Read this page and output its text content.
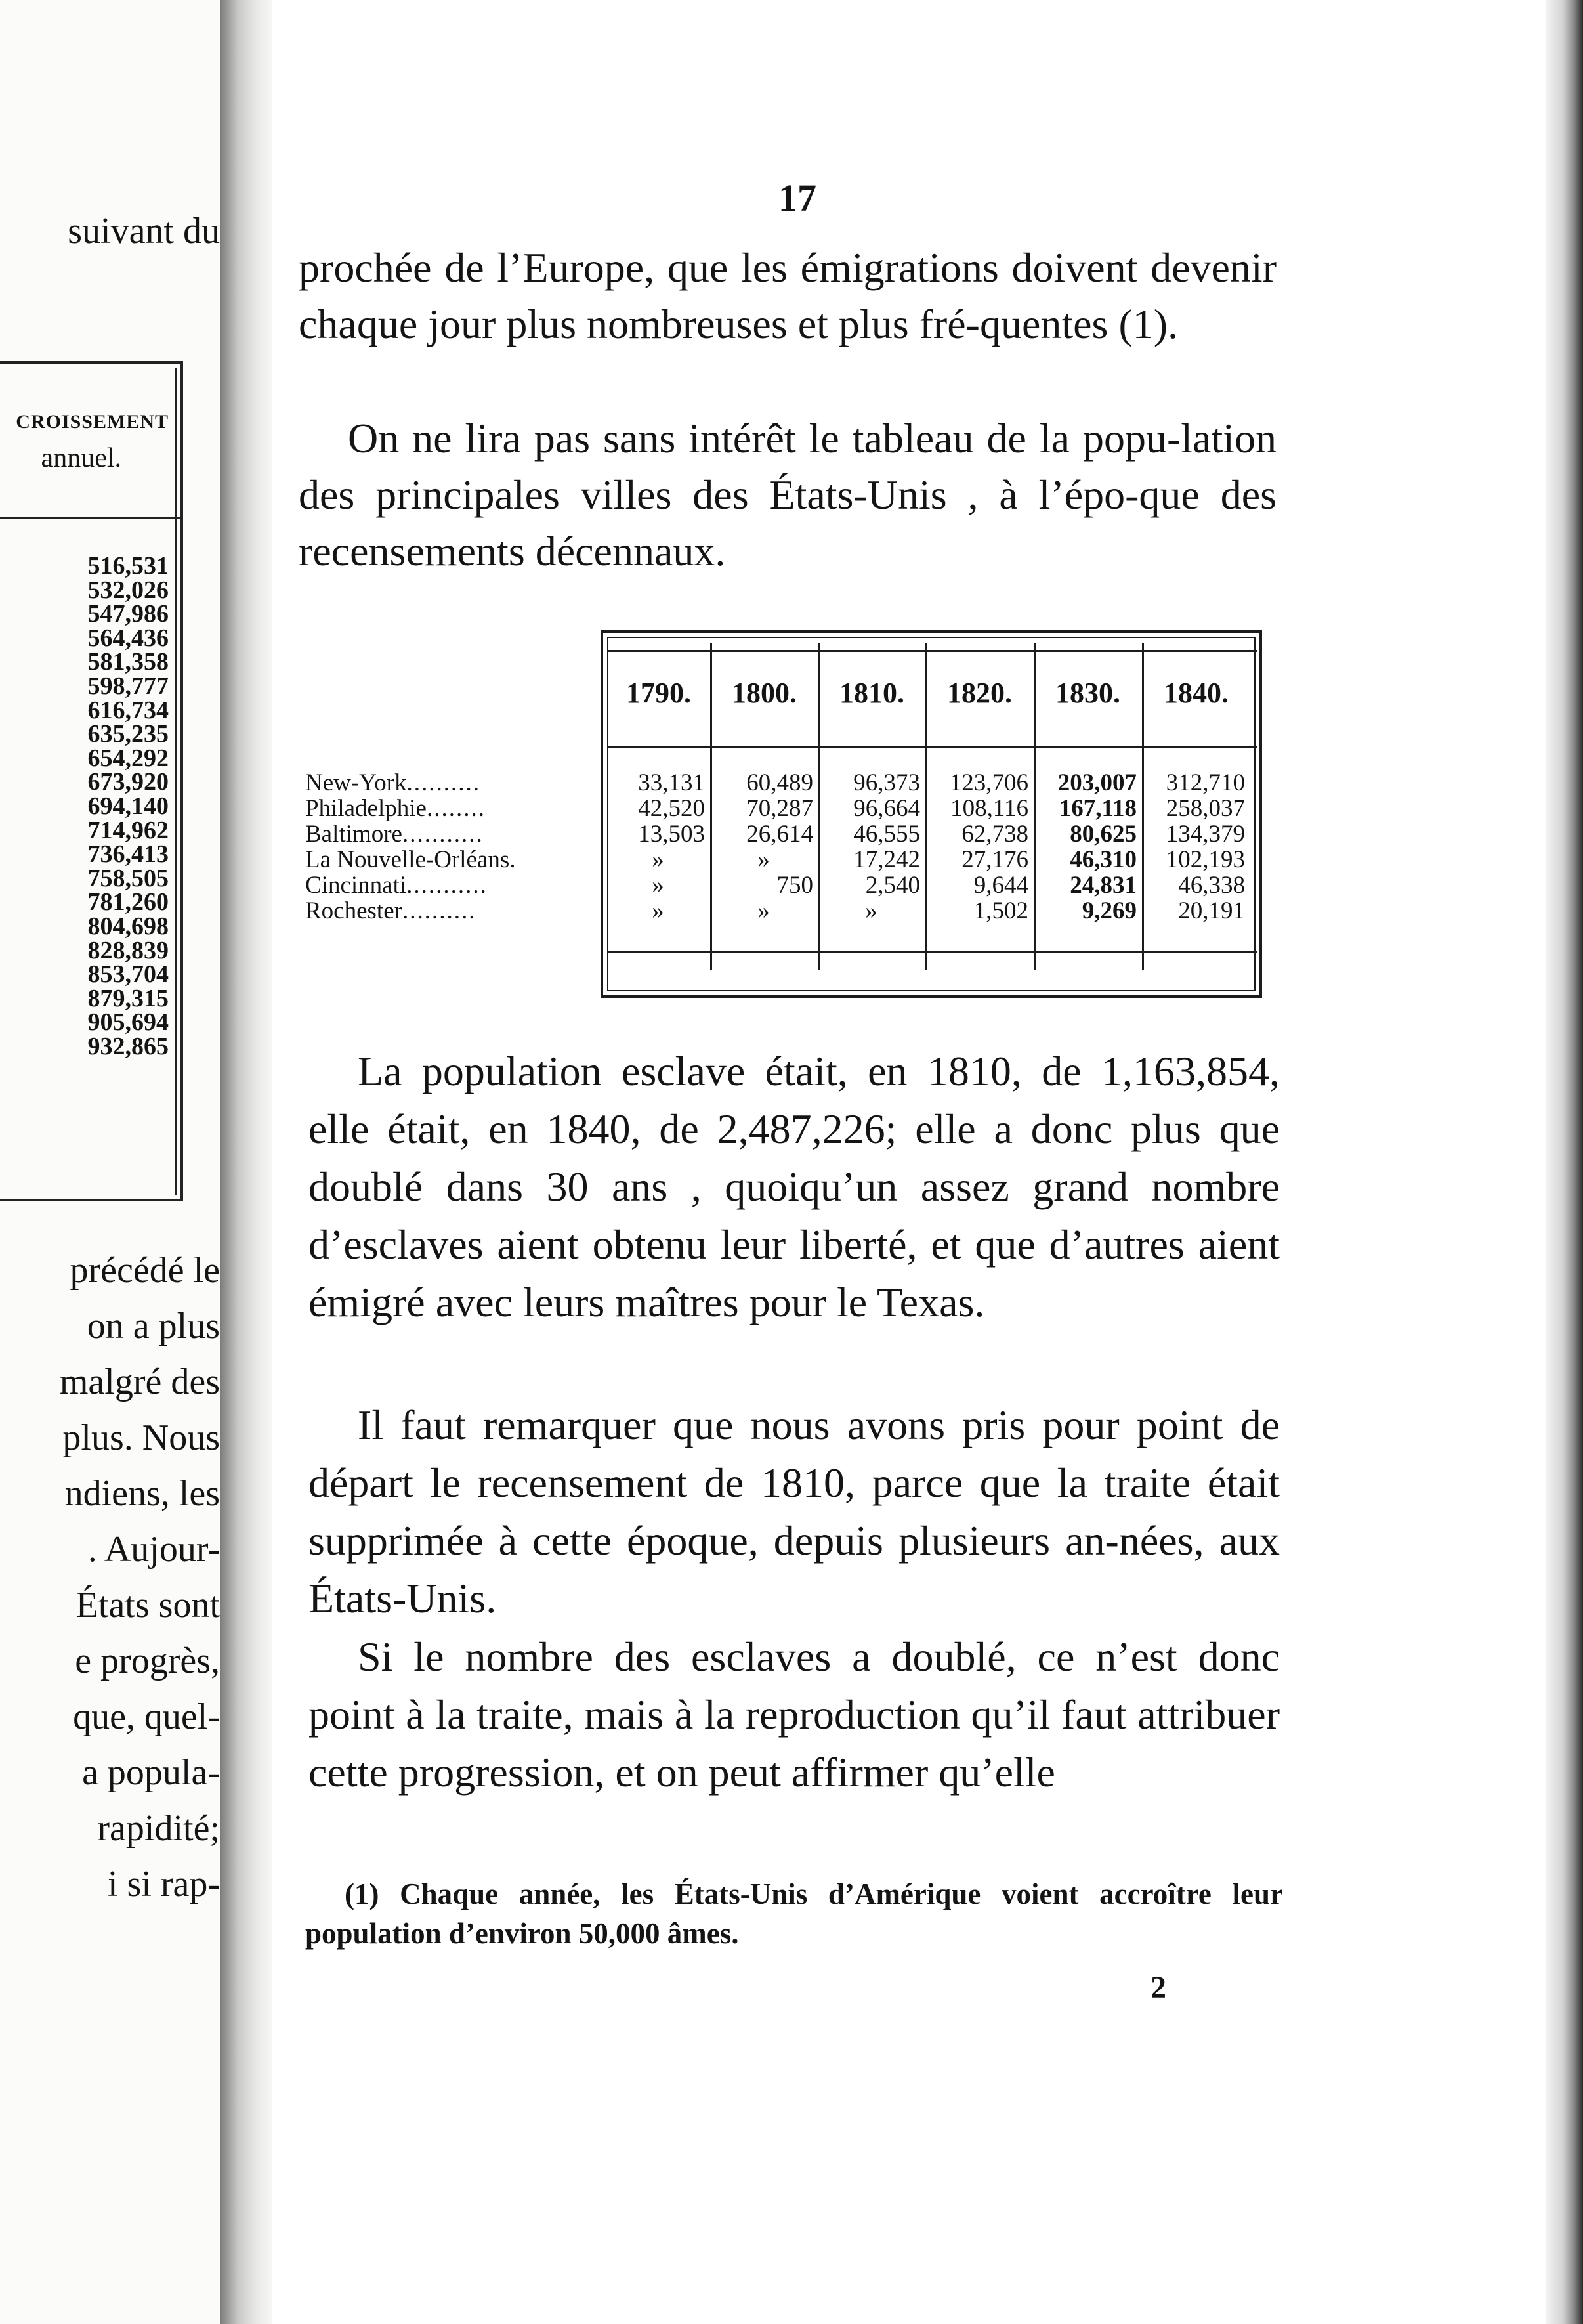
suivant du

CROISSEMENT
annuel.
516,531
532,026
547,986
564,436
581,358
598,777
616,734
635,235
654,292
673,920
694,140
714,962
736,413
758,505
781,260
804,698
828,839
853,704
879,315
905,694
932,865

précédé le

on a plus

malgré des

plus. Nous

ndiens, les

. Aujour-

États sont

e progrès,

que, quel-

a popula-

rapidité;

i si rap-

17

prochée de l’Europe, que les émigrations doivent devenir chaque jour plus nombreuses et plus fré-quentes (1).

On ne lira pas sans intérêt le tableau de la popu-lation des principales villes des États-Unis , à l’épo-que des recensements décennaux.

1790.	1800.	1810.	1820.	1830.	1840.
New-York..........	33,131	60,489	96,373	123,706	203,007	312,710
Philadelphie........	42,520	70,287	96,664	108,116	167,118	258,037
Baltimore...........	13,503	26,614	46,555	62,738	80,625	134,379
La Nouvelle-Orléans.	»	»	17,242	27,176	46,310	102,193
Cincinnati...........	»	750	2,540	9,644	24,831	46,338
Rochester..........	»	»	»	1,502	9,269	20,191

La population esclave était, en 1810, de 1,163,854, elle était, en 1840, de 2,487,226; elle a donc plus que doublé dans 30 ans , quoiqu’un assez grand nombre d’esclaves aient obtenu leur liberté, et que d’autres aient émigré avec leurs maîtres pour le Texas.

Il faut remarquer que nous avons pris pour point de départ le recensement de 1810, parce que la traite était supprimée à cette époque, depuis plusieurs an-nées, aux États-Unis.

Si le nombre des esclaves a doublé, ce n’est donc point à la traite, mais à la reproduction qu’il faut attribuer cette progression, et on peut affirmer qu’elle

(1) Chaque année, les États-Unis d’Amérique voient accroître leur population d’environ 50,000 âmes.

2
